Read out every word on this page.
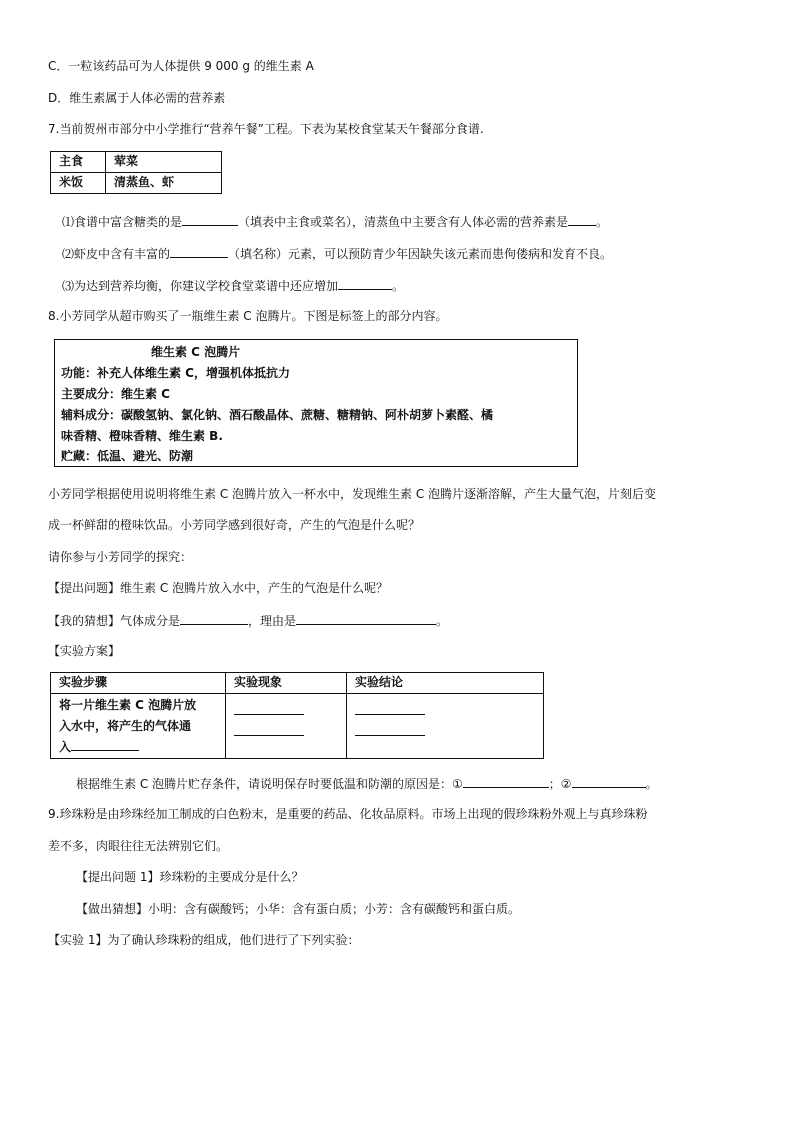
C．一粒该药品可为人体提供 9 000 g 的维生素 A
D．维生素属于人体必需的营养素
7.当前贺州市部分中小学推行“营养午餐”工程。下表为某校食堂某天午餐部分食谱.
主食	荤菜
米饭	清蒸鱼、虾
⑴食谱中富含糖类的是	（填表中主食或菜名），清蒸鱼中主要含有人体必需的营养素是 。
⑵虾皮中含有丰富的	（填名称）元素，可以预防青少年因缺失该元素而患佝偻病和发育不良。
⑶为达到营养均衡，你建议学校食堂菜谱中还应增加	。
8.小芳同学从超市购买了一瓶维生素 C 泡腾片。下图是标签上的部分内容。
维生素 C 泡腾片
功能：补充人体维生素 C，增强机体抵抗力
主要成分：维生素 C
辅料成分：碳酸氢钠、氯化钠、酒石酸晶体、蔗糖、糖精钠、阿朴胡萝卜素醛、橘
味香精、橙味香精、维生素 B.
贮藏：低温、避光、防潮
小芳同学根据使用说明将维生素 C 泡腾片放入一杯水中，发现维生素 C 泡腾片逐渐溶解，产生大量气泡，片刻后变
成一杯鲜甜的橙味饮品。小芳同学感到很好奇，产生的气泡是什么呢？
请你参与小芳同学的探究：
【提出问题】维生素 C 泡腾片放入水中，产生的气泡是什么呢？
【我的猜想】气体成分是	，理由是	。
【实验方案】
实验步骤	实验现象	实验结论

将一片维生素 C 泡腾片放
入水中，将产生的气体通
入		

根据维生素 C 泡腾片贮存条件，请说明保存时要低温和防潮的原因是：①	；②	。
9.珍珠粉是由珍珠经加工制成的白色粉末，是重要的药品、化妆品原料。市场上出现的假珍珠粉外观上与真珍珠粉
差不多，肉眼往往无法辨别它们。
【提出问题 1】珍珠粉的主要成分是什么？
【做出猜想】小明：含有碳酸钙；小华：含有蛋白质；小芳：含有碳酸钙和蛋白质。
【实验 1】为了确认珍珠粉的组成，他们进行了下列实验：
